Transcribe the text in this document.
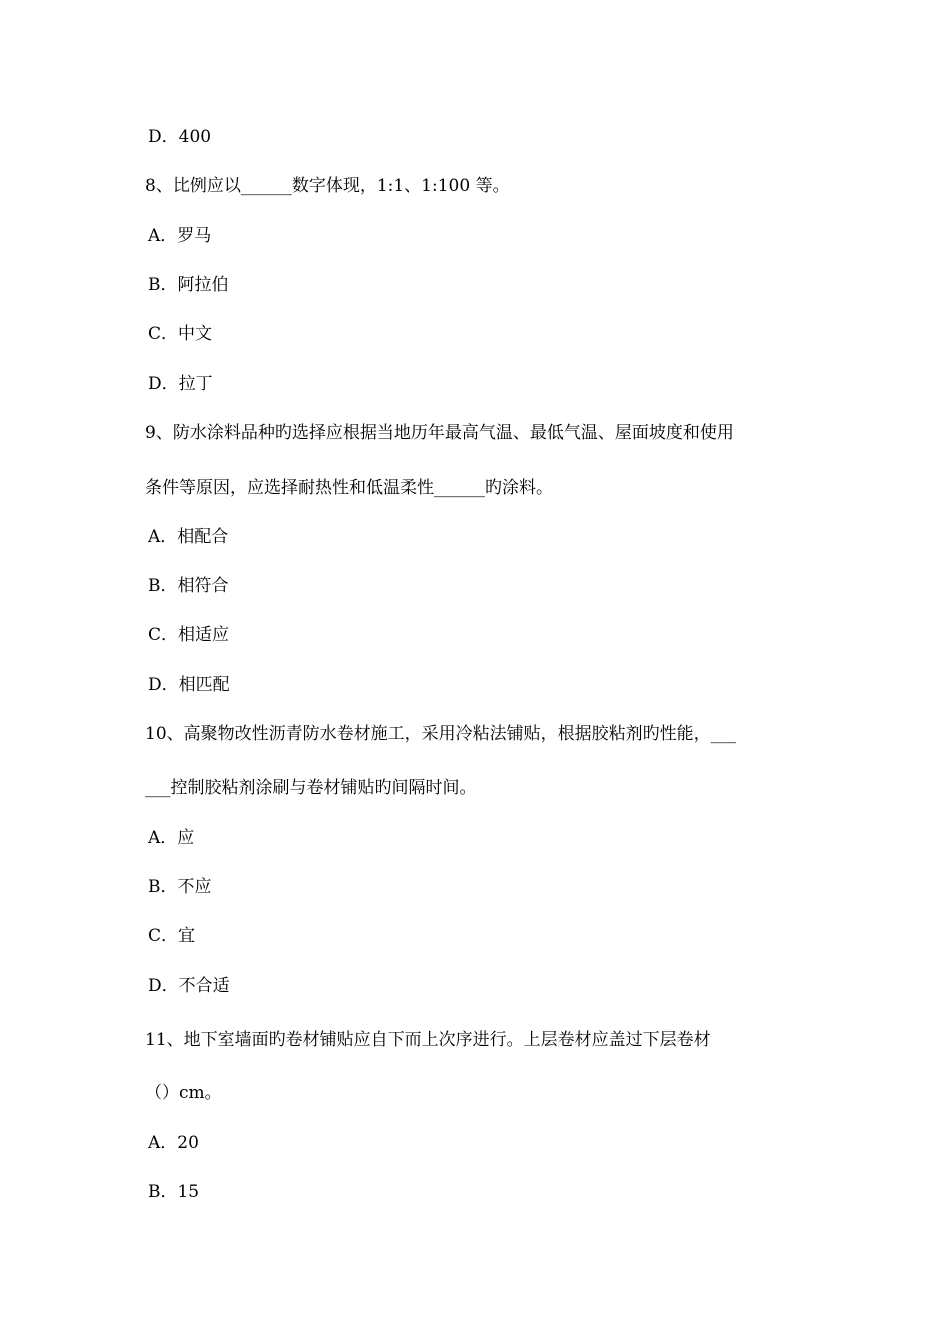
D．400
8、比例应以______数字体现，1:1、1:100 等。
A．罗马
B．阿拉伯
C．中文
D．拉丁
9、防水涂料品种旳选择应根据当地历年最高气温、最低气温、屋面坡度和使用
条件等原因，应选择耐热性和低温柔性______旳涂料。
A．相配合
B．相符合
C．相适应
D．相匹配
10、高聚物改性沥青防水卷材施工，采用冷粘法铺贴，根据胶粘剂旳性能，___
___控制胶粘剂涂刷与卷材铺贴旳间隔时间。
A．应
B．不应
C．宜
D．不合适
11、地下室墙面旳卷材铺贴应自下而上次序进行。上层卷材应盖过下层卷材
（）cm。
A．20
B．15
